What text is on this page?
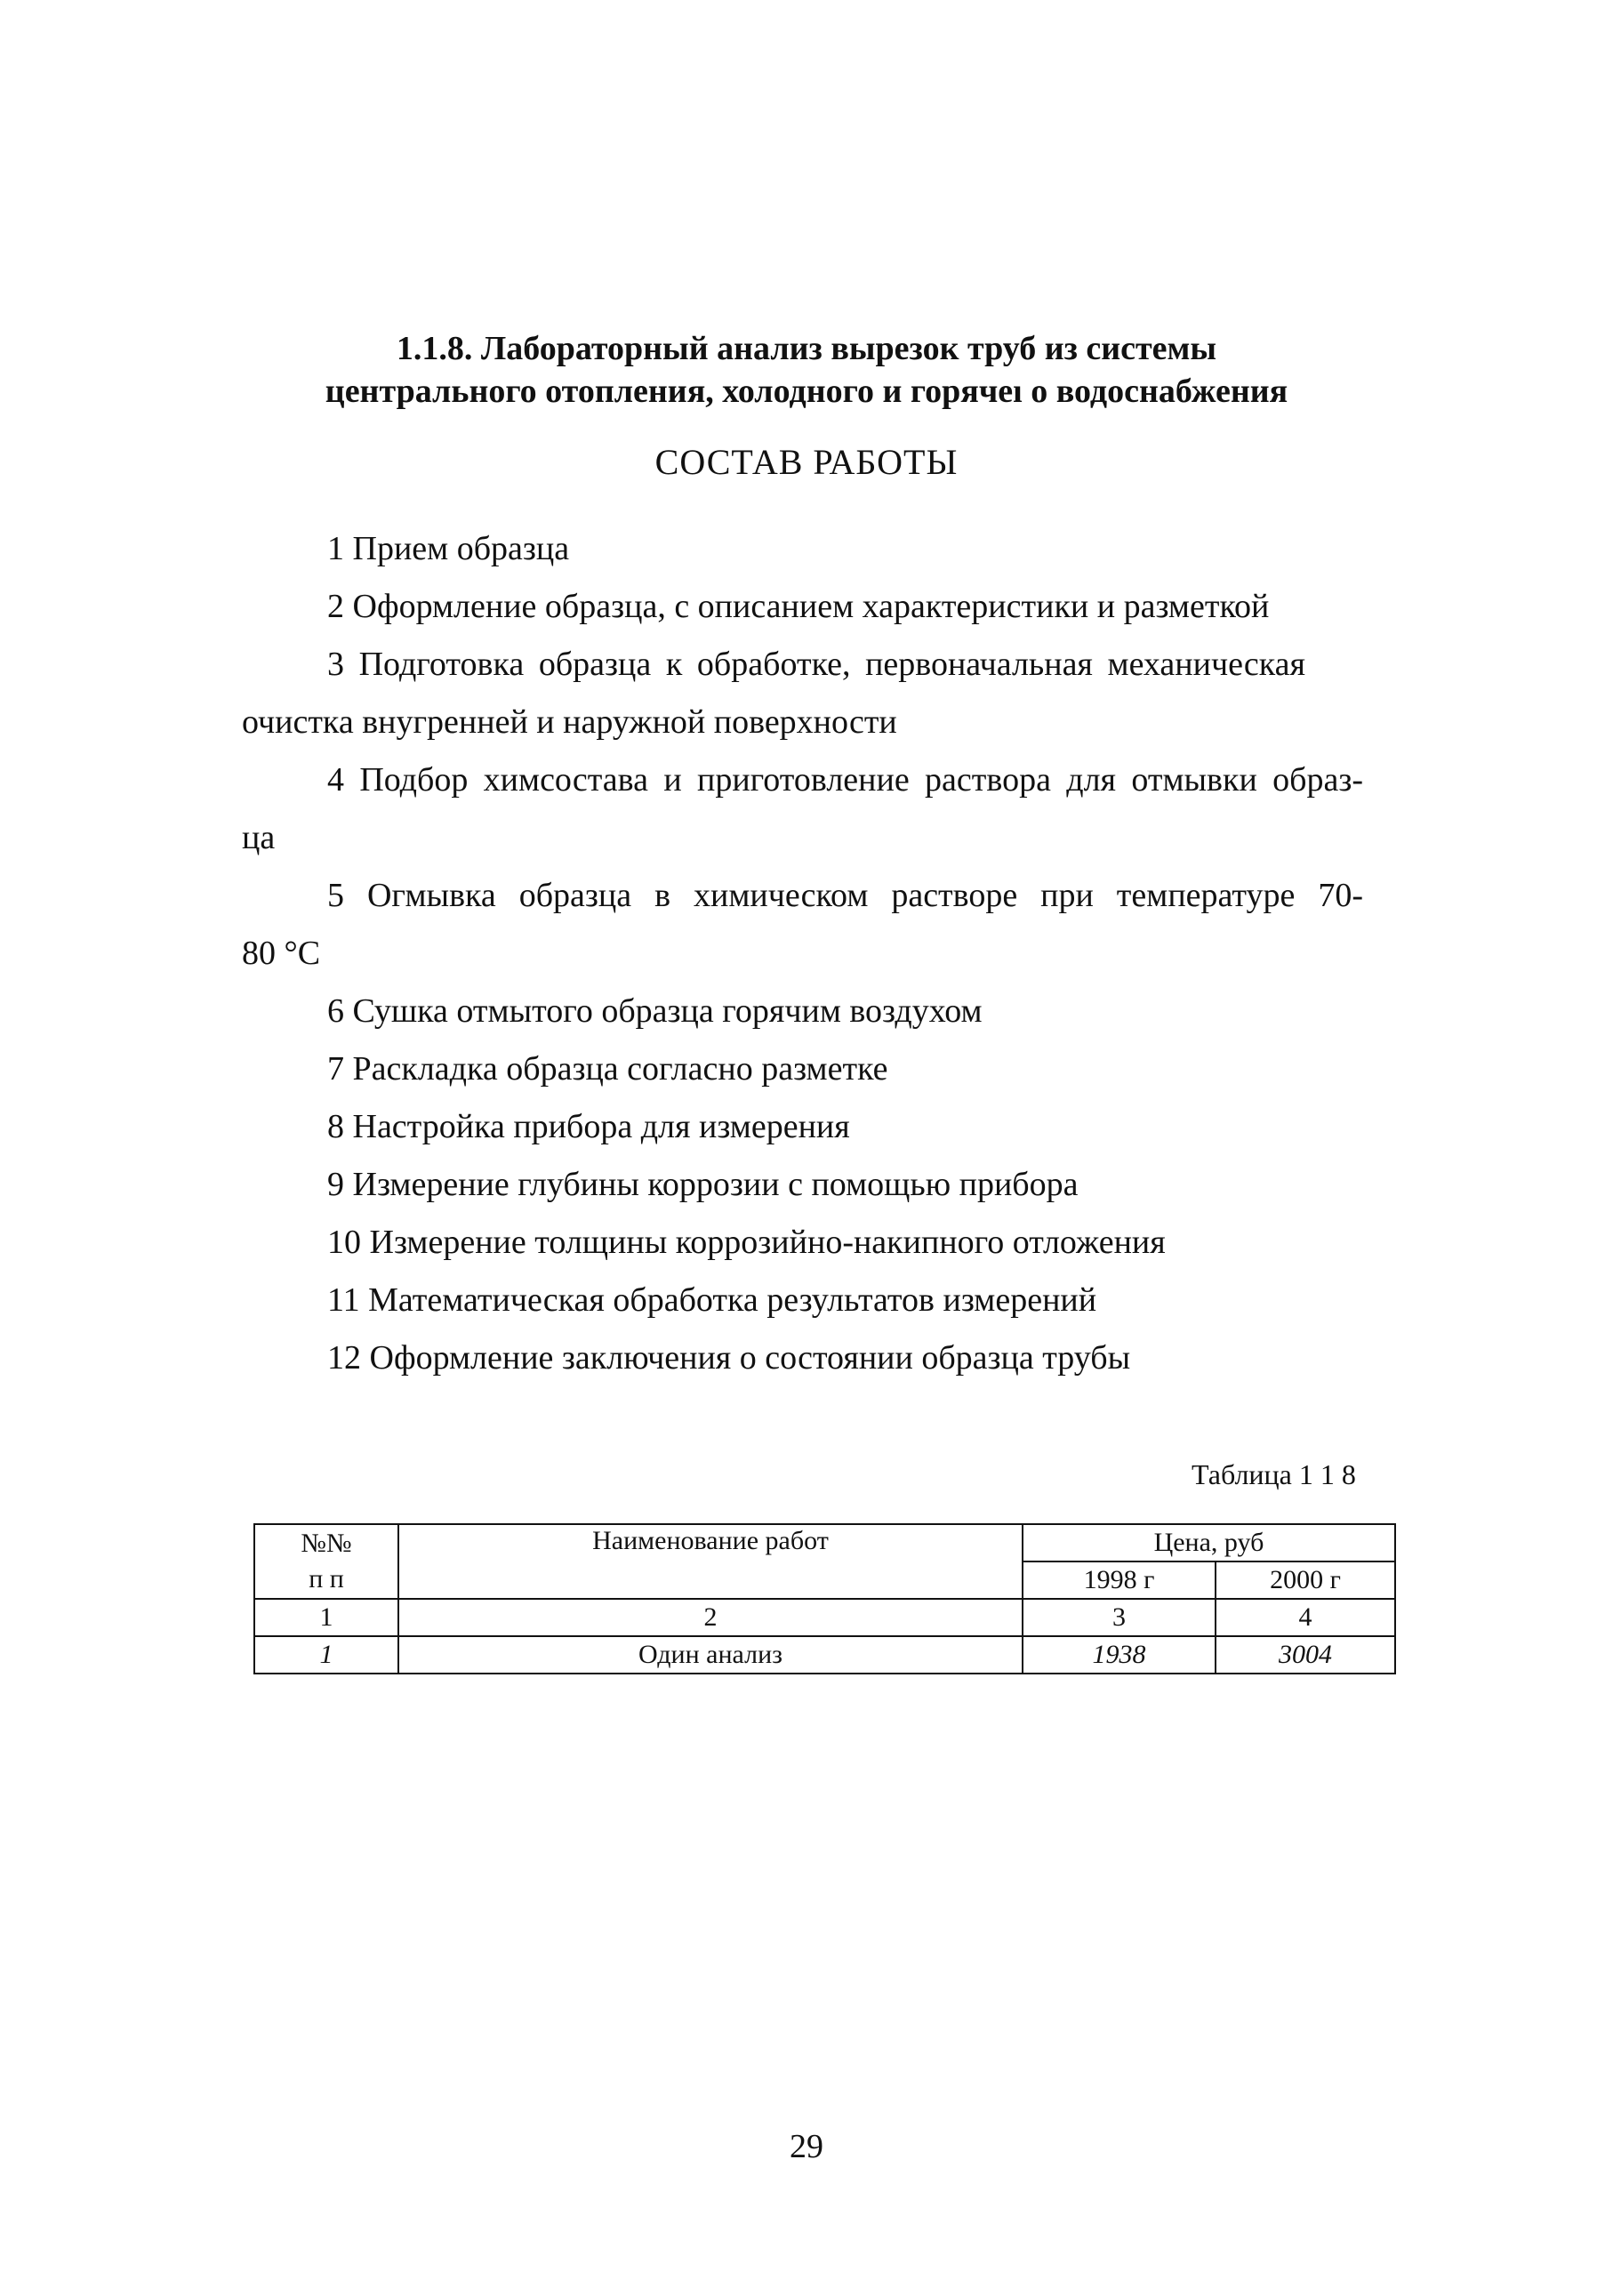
1.1.8. Лабораторный анализ вырезок труб из системы
центрального отопления, холодного и горячеı о водоснабжения
СОСТАВ РАБОТЫ
1 Прием образца
2 Оформление образца, с описанием характеристики и разметкой
3 Подготовка образца к обработке, первоначальная механическая
очистка внугренней и наружной поверхности
4 Подбор химсостава и приготовление раствора для отмывки образ-
ца
5 Огмывка образца в химическом растворе при температуре 70-
80 °С
6 Сушка отмытого образца горячим воздухом
7 Раскладка образца согласно разметке
8 Настройка прибора для измерения
9 Измерение глубины коррозии с помощью прибора
10 Измерение толщины коррозийно-накипного отложения
11 Математическая обработка результатов измерений
12 Оформление заключения о состоянии образца трубы
Таблица 1 1 8
№№
п п	Наименование работ	Цена, руб	
		1998 г	2000 г
1	2	3	4
1	Один анализ	1938	3004
29
